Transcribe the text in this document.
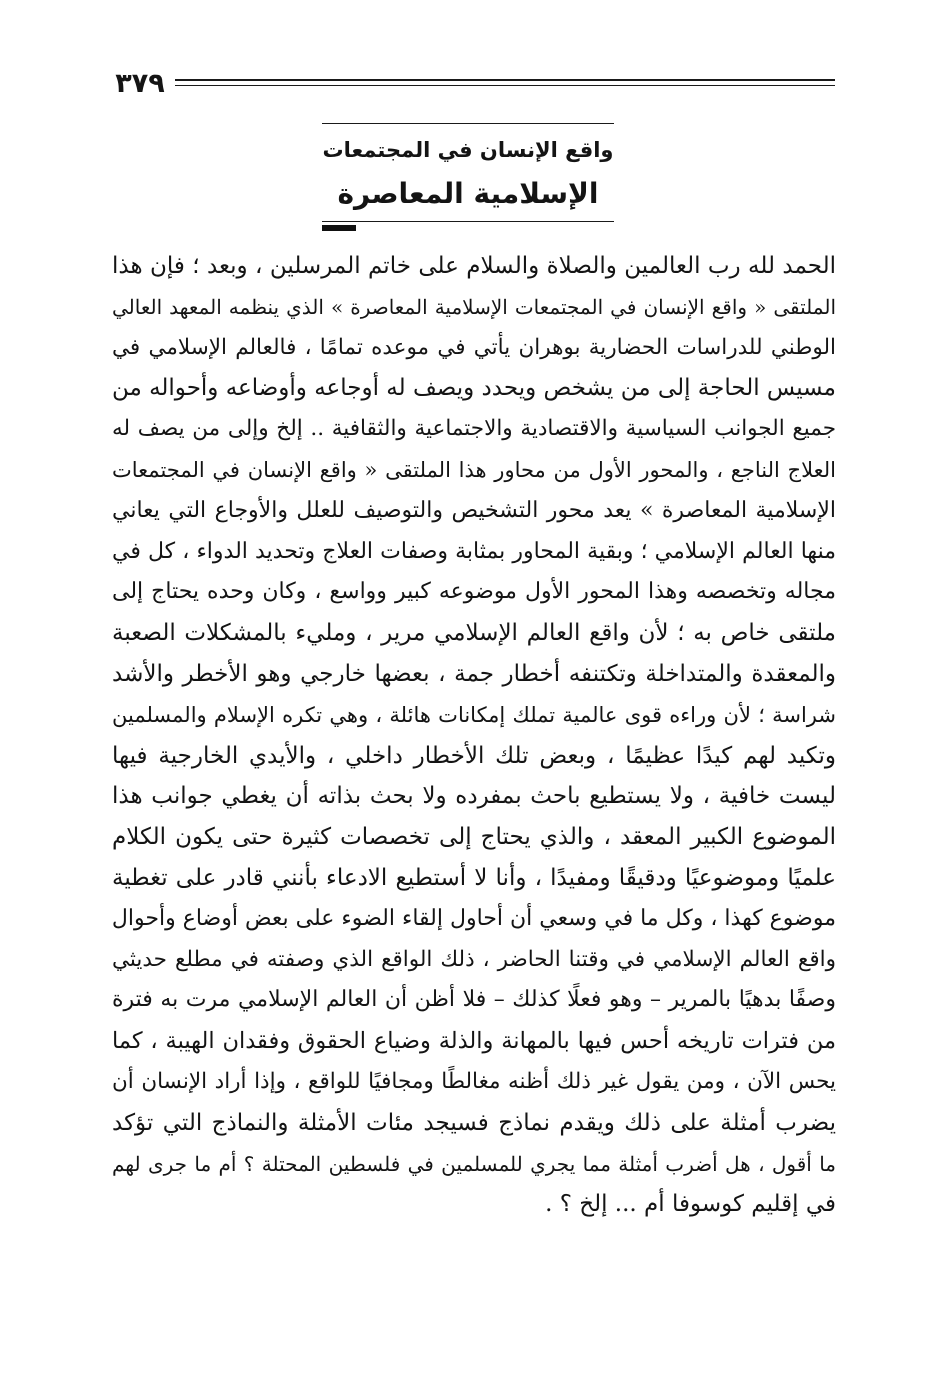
٣٧٩
واقع الإنسان في المجتمعات
الإسلامية المعاصرة
الحمد لله رب العالمين والصلاة والسلام على خاتم المرسلين ، وبعد ؛ فإن هذا
الملتقى « واقع الإنسان في المجتمعات الإسلامية المعاصرة » الذي ينظمه المعهد العالي
الوطني للدراسات الحضارية بوهران يأتي في موعده تمامًا ، فالعالم الإسلامي في
مسيس الحاجة إلى من يشخص ويحدد ويصف له أوجاعه وأوضاعه وأحواله من
جميع الجوانب السياسية والاقتصادية والاجتماعية والثقافية .. إلخ وإلى من يصف له
العلاج الناجع ، والمحور الأول من محاور هذا الملتقى « واقع الإنسان في المجتمعات
الإسلامية المعاصرة » يعد محور التشخيص والتوصيف للعلل والأوجاع التي يعاني
منها العالم الإسلامي ؛ وبقية المحاور بمثابة وصفات العلاج وتحديد الدواء ، كل في
مجاله وتخصصه وهذا المحور الأول موضوعه كبير وواسع ، وكان وحده يحتاج إلى
ملتقى خاص به ؛ لأن واقع العالم الإسلامي مرير ، ومليء بالمشكلات الصعبة
والمعقدة والمتداخلة وتكتنفه أخطار جمة ، بعضها خارجي وهو الأخطر والأشد
شراسة ؛ لأن وراءه قوى عالمية تملك إمكانات هائلة ، وهي تكره الإسلام والمسلمين
وتكيد لهم كيدًا عظيمًا ، وبعض تلك الأخطار داخلي ، والأيدي الخارجية فيها
ليست خافية ، ولا يستطيع باحث بمفرده ولا بحث بذاته أن يغطي جوانب هذا
الموضوع الكبير المعقد ، والذي يحتاج إلى تخصصات كثيرة حتى يكون الكلام
علميًا وموضوعيًا ودقيقًا ومفيدًا ، وأنا لا أستطيع الادعاء بأنني قادر على تغطية
موضوع كهذا ، وكل ما في وسعي أن أحاول إلقاء الضوء على بعض أوضاع وأحوال
واقع العالم الإسلامي في وقتنا الحاضر ، ذلك الواقع الذي وصفته في مطلع حديثي
وصفًا بدهيًا بالمرير – وهو فعلًا كذلك – فلا أظن أن العالم الإسلامي مرت به فترة
من فترات تاريخه أحس فيها بالمهانة والذلة وضياع الحقوق وفقدان الهيبة ، كما
يحس الآن ، ومن يقول غير ذلك أظنه مغالطًا ومجافيًا للواقع ، وإذا أراد الإنسان أن
يضرب أمثلة على ذلك ويقدم نماذج فسيجد مئات الأمثلة والنماذج التي تؤكد
ما أقول ، هل أضرب أمثلة مما يجري للمسلمين في فلسطين المحتلة ؟ أم ما جرى لهم
في إقليم كوسوفا أم ... إلخ ؟ .
